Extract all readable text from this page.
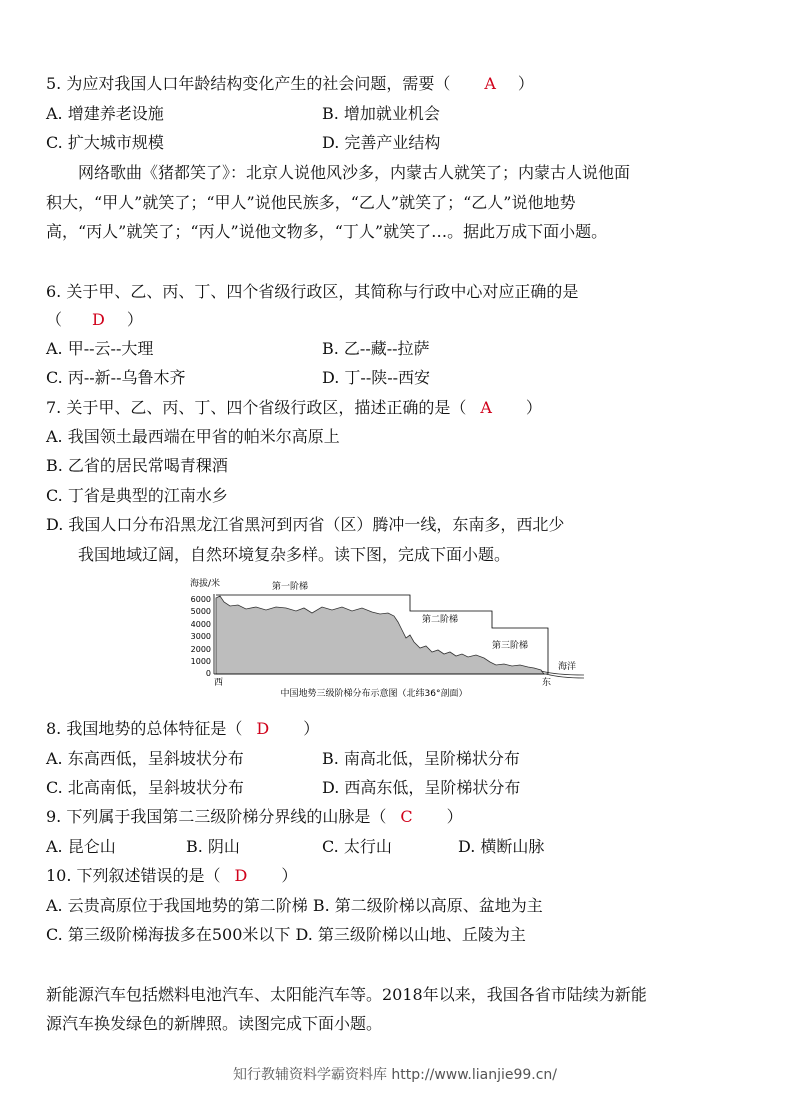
5. 为应对我国人口年龄结构变化产生的社会问题，需要（ A ）
A. 增建养老设施	B. 增加就业机会
C. 扩大城市规模	D. 完善产业结构
网络歌曲《猪都笑了》：北京人说他风沙多，内蒙古人就笑了；内蒙古人说他面
积大，“甲人”就笑了；“甲人”说他民族多，“乙人”就笑了；“乙人”说他地势
高，“丙人”就笑了；“丙人”说他文物多，“丁人”就笑了…。据此万成下面小题。
6. 关于甲、乙、丙、丁、四个省级行政区，其简称与行政中心对应正确的是
（ D ）
A. 甲--云--大理	B. 乙--藏--拉萨
C. 丙--新--乌鲁木齐	D. 丁--陕--西安
7. 关于甲、乙、丙、丁、四个省级行政区，描述正确的是（ A ）
A. 我国领土最西端在甲省的帕米尔高原上
B. 乙省的居民常喝青稞酒
C. 丁省是典型的江南水乡
D. 我国人口分布沿黑龙江省黑河到丙省（区）腾冲一线，东南多，西北少
我国地域辽阔，自然环境复杂多样。读下图，完成下面小题。
海拔/米	第一阶梯
6000
5000
4000
3000
2000
1000
0
海洋
第二阶梯
第三阶梯
西	东
中国地势三级阶梯分布示意图（北纬36°剖面）
8. 我国地势的总体特征是（ D ）
A. 东高西低，呈斜坡状分布	B. 南高北低，呈阶梯状分布
C. 北高南低，呈斜坡状分布	D. 西高东低，呈阶梯状分布
9. 下列属于我国第二三级阶梯分界线的山脉是（ C ）
A. 昆仑山	B. 阴山	C. 太行山	D. 横断山脉
10. 下列叙述错误的是（ D ）
A. 云贵高原位于我国地势的第二阶梯 B. 第二级阶梯以高原、盆地为主
C. 第三级阶梯海拔多在500米以下 D. 第三级阶梯以山地、丘陵为主
新能源汽车包括燃料电池汽车、太阳能汽车等。2018年以来，我国各省市陆续为新能
源汽车换发绿色的新牌照。读图完成下面小题。
知行教辅资料学霸资料库 http://www.lianjie99.cn/
